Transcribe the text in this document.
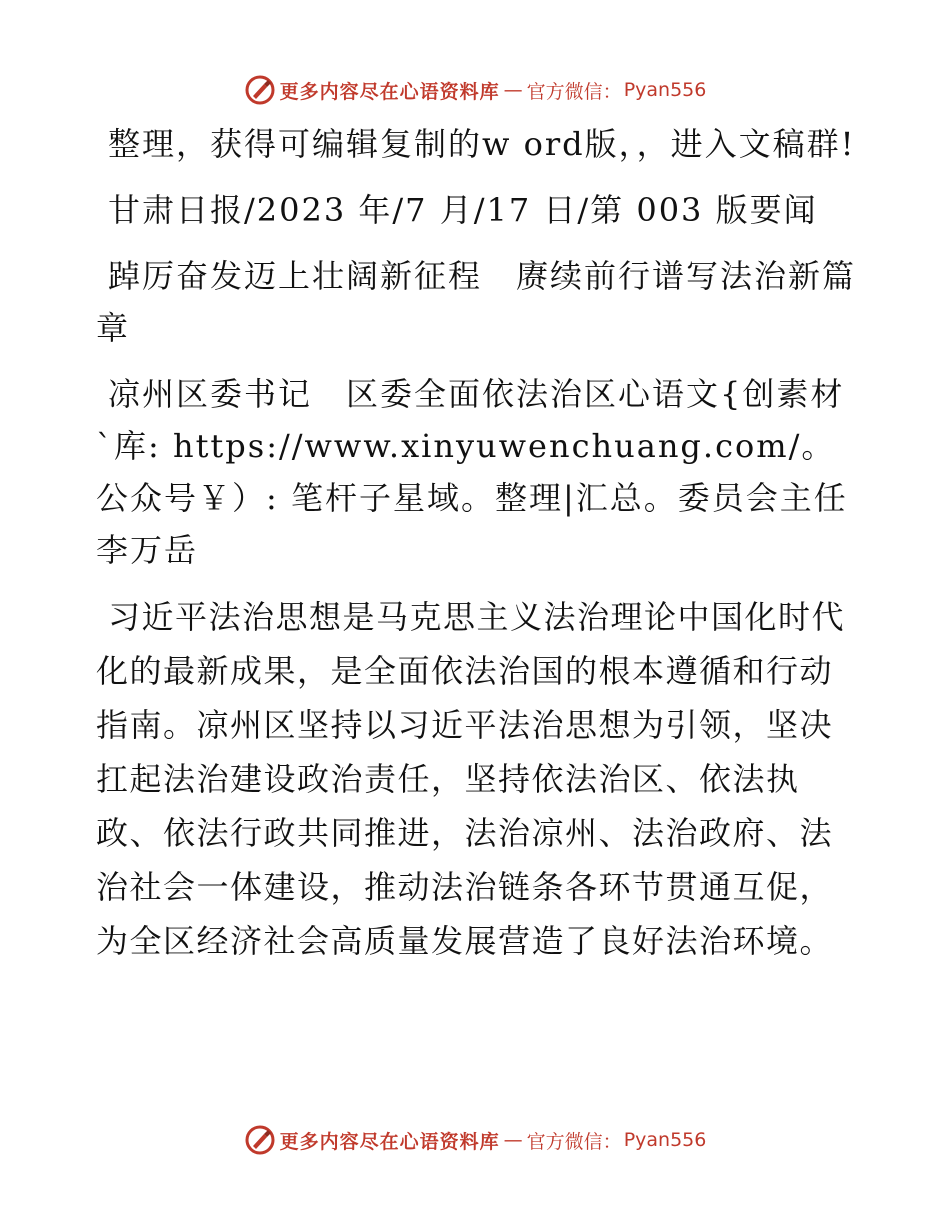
更多内容尽在心语资料库 — 官方微信： Pyan556

整理，获得可编辑复制的w ord版，，进入文稿群!

甘肃日报/2023 年/7 月/17 日/第 003 版要闻

踔厉奋发迈上壮阔新征程　赓续前行谱写法治新篇章

凉州区委书记　区委全面依法治区心语文{创素材`库: https://www.xinyuwenchuang.com/。公众号￥）: 笔杆子星域。整理|汇总。委员会主任　李万岳

习近平法治思想是马克思主义法治理论中国化时代化的最新成果，是全面依法治国的根本遵循和行动指南。凉州区坚持以习近平法治思想为引领，坚决扛起法治建设政治责任，坚持依法治区、依法执政、依法行政共同推进，法治凉州、法治政府、法治社会一体建设，推动法治链条各环节贯通互促，为全区经济社会高质量发展营造了良好法治环境。

更多内容尽在心语资料库 — 官方微信： Pyan556
